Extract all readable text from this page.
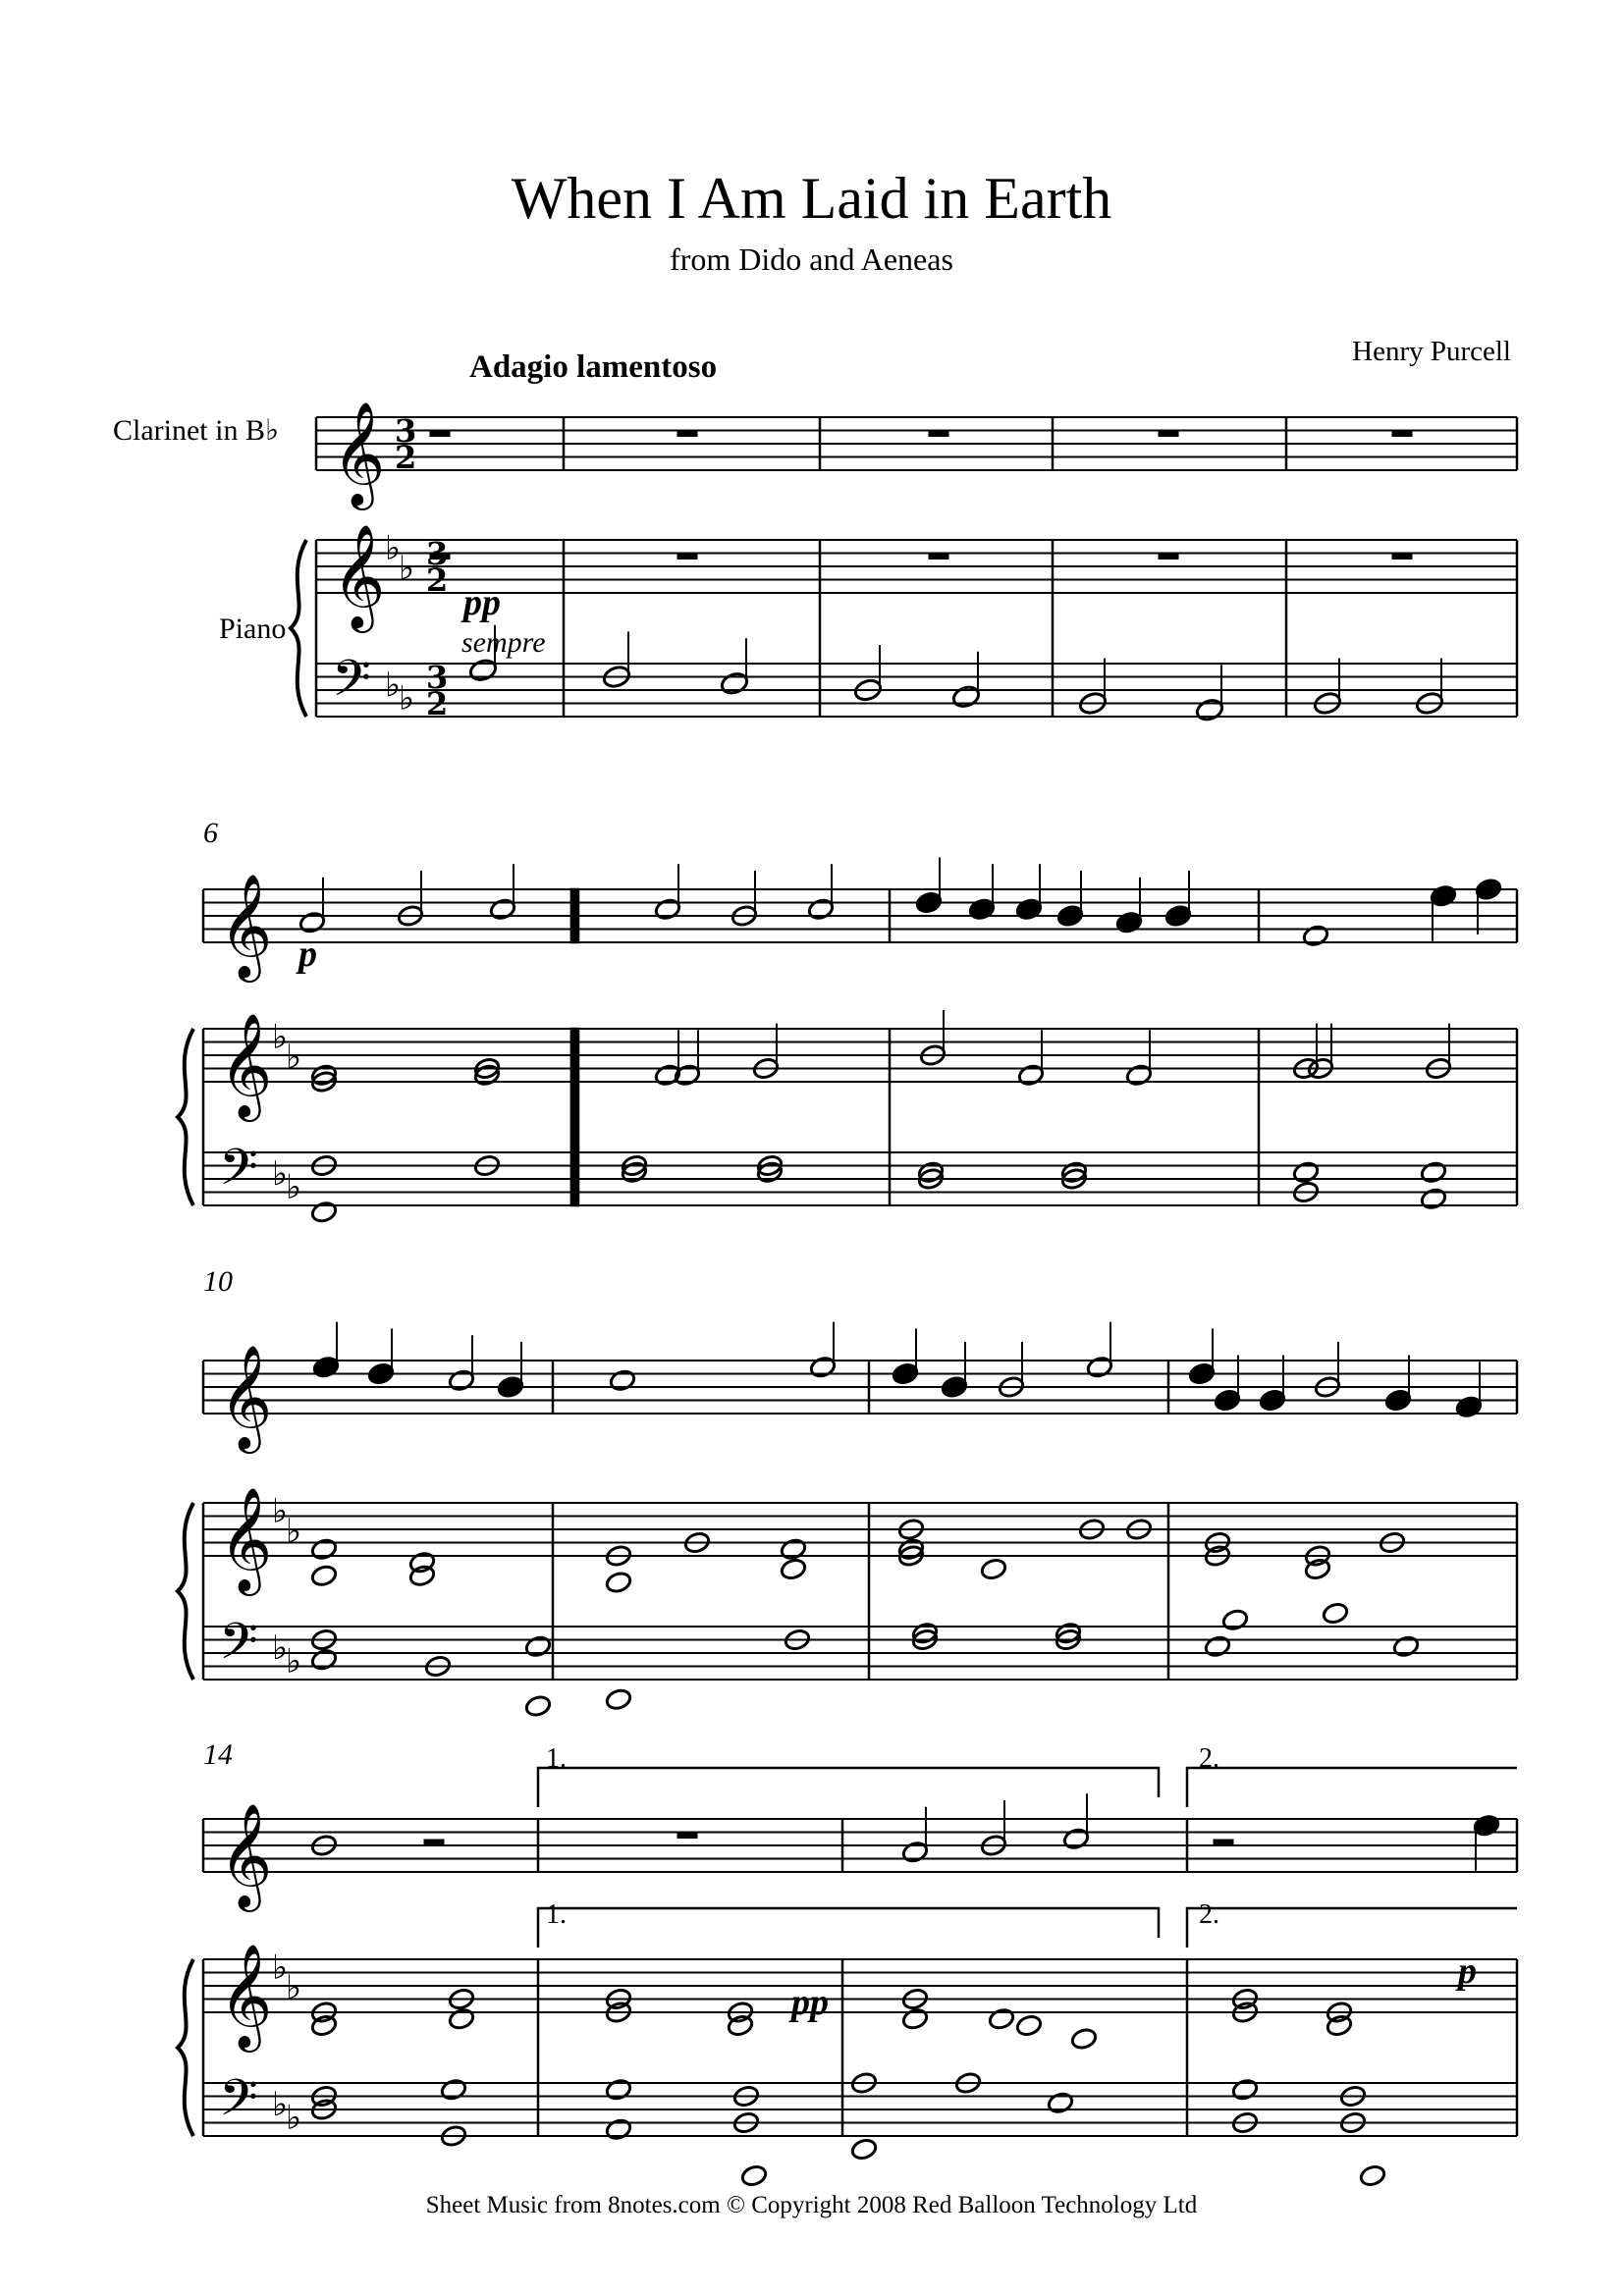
When I Am Laid in Earth
from Dido and Aeneas
Henry Purcell
Adagio lamentoso
Clarinet in B♭
Piano
𝄞 3
2
𝄞 ♭
♭ 3
2
𝄢 ♭
♭
3
2
𝄞
𝄞 ♭
♭
𝄢 ♭
♭
𝄞
𝄞 ♭
♭
𝄢 ♭
♭
𝄞
𝄞 ♭
♭
𝄢 ♭
♭
6
10
14
pp
sempre
p
pp
p
1.	2.
1.	2.
Sheet Music from 8notes.com © Copyright 2008 Red Balloon Technology Ltd
